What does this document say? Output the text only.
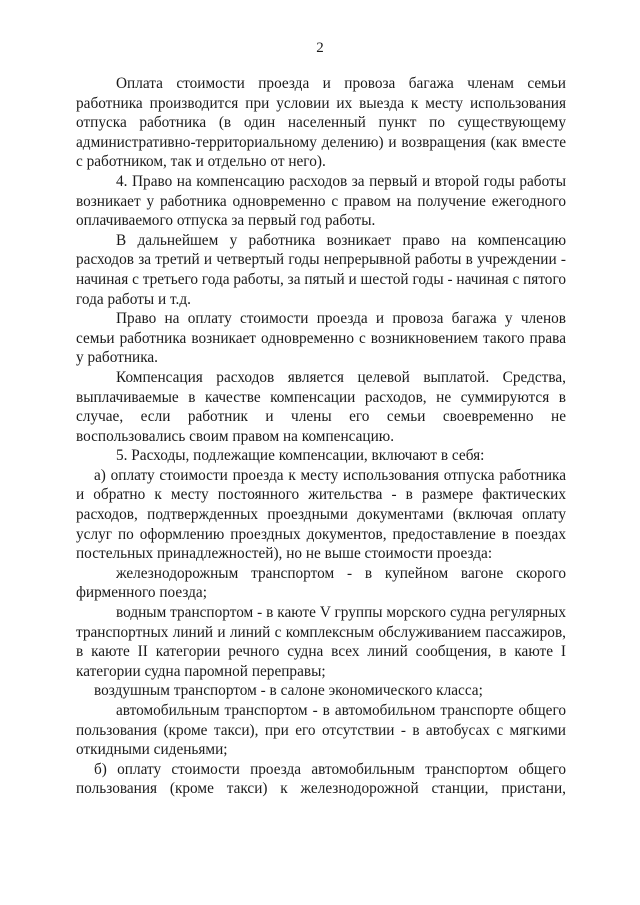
2

Оплата стоимости проезда и провоза багажа членам семьи работника производится при условии их выезда к месту использования отпуска работника (в один населенный пункт по существующему административно-территориальному делению) и возвращения (как вместе с работником, так и отдельно от него).

4. Право на компенсацию расходов за первый и второй годы работы возникает у работника одновременно с правом на получение ежегодного оплачиваемого отпуска за первый год работы.

В дальнейшем у работника возникает право на компенсацию расходов за третий и четвертый годы непрерывной работы в учреждении - начиная с третьего года работы, за пятый и шестой годы - начиная с пятого года работы и т.д.

Право на оплату стоимости проезда и провоза багажа у членов семьи работника возникает одновременно с возникновением такого права у работника.

Компенсация расходов является целевой выплатой. Средства, выплачиваемые в качестве компенсации расходов, не суммируются в случае, если работник и члены его семьи своевременно не воспользовались своим правом на компенсацию.

5. Расходы, подлежащие компенсации, включают в себя:

а) оплату стоимости проезда к месту использования отпуска работника и обратно к месту постоянного жительства - в размере фактических расходов, подтвержденных проездными документами (включая оплату услуг по оформлению проездных документов, предоставление в поездах постельных принадлежностей), но не выше стоимости проезда:

железнодорожным транспортом - в купейном вагоне скорого фирменного поезда;

водным транспортом - в каюте V группы морского судна регулярных транспортных линий и линий с комплексным обслуживанием пассажиров, в каюте II категории речного судна всех линий сообщения, в каюте I категории судна паромной переправы;

воздушным транспортом - в салоне экономического класса;

автомобильным транспортом - в автомобильном транспорте общего пользования (кроме такси), при его отсутствии - в автобусах с мягкими откидными сиденьями;

б) оплату стоимости проезда автомобильным транспортом общего пользования (кроме такси) к железнодорожной станции, пристани,
